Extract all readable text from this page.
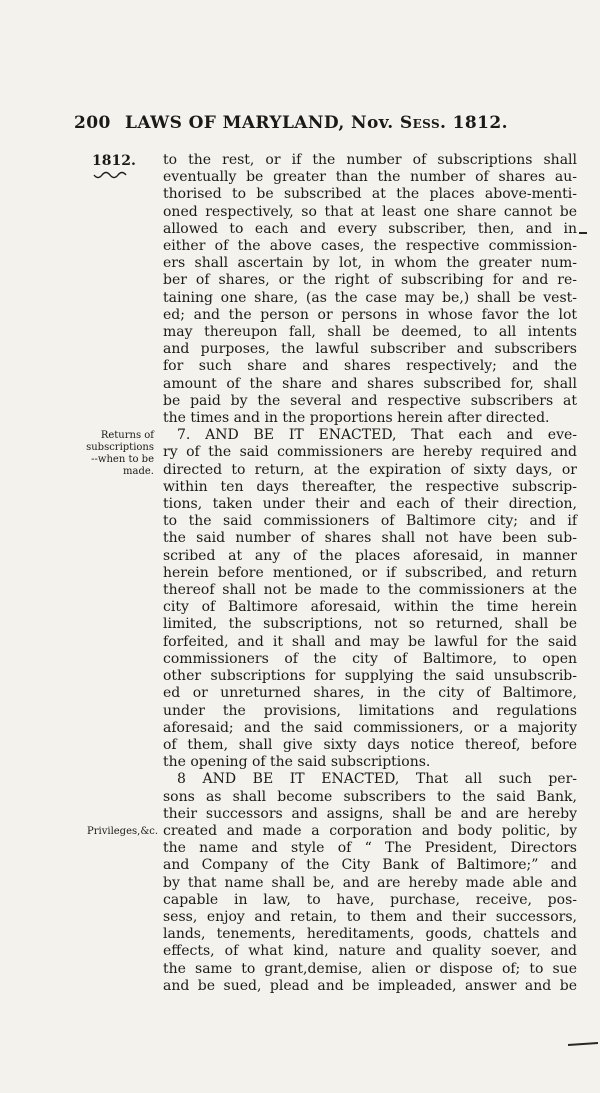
200 LAWS OF MARYLAND, Nov. Sess. 1812.
1812.
Returns of
subscriptions
--when to be
made.
Privileges,&c.
to the rest, or if the number of subscriptions shall
eventually be greater than the number of shares au-
thorised to be subscribed at the places above-menti-
oned respectively, so that at least one share cannot be
allowed to each and every subscriber, then, and in
either of the above cases, the respective commission-
ers shall ascertain by lot, in whom the greater num-
ber of shares, or the right of subscribing for and re-
taining one share, (as the case may be,) shall be vest-
ed; and the person or persons in whose favor the lot
may thereupon fall, shall be deemed, to all intents
and purposes, the lawful subscriber and subscribers
for such share and shares respectively; and the
amount of the share and shares subscribed for, shall
be paid by the several and respective subscribers at
the times and in the proportions herein after directed.
7. AND BE IT ENACTED, That each and eve-
ry of the said commissioners are hereby required and
directed to return, at the expiration of sixty days, or
within ten days thereafter, the respective subscrip-
tions, taken under their and each of their direction,
to the said commissioners of Baltimore city; and if
the said number of shares shall not have been sub-
scribed at any of the places aforesaid, in manner
herein before mentioned, or if subscribed, and return
thereof shall not be made to the commissioners at the
city of Baltimore aforesaid, within the time herein
limited, the subscriptions, not so returned, shall be
forfeited, and it shall and may be lawful for the said
commissioners of the city of Baltimore, to open
other subscriptions for supplying the said unsubscrib-
ed or unreturned shares, in the city of Baltimore,
under the provisions, limitations and regulations
aforesaid; and the said commissioners, or a majority
of them, shall give sixty days notice thereof, before
the opening of the said subscriptions.
8 AND BE IT ENACTED, That all such per-
sons as shall become subscribers to the said Bank,
their successors and assigns, shall be and are hereby
created and made a corporation and body politic, by
the name and style of “ The President, Directors
and Company of the City Bank of Baltimore;” and
by that name shall be, and are hereby made able and
capable in law, to have, purchase, receive, pos-
sess, enjoy and retain, to them and their successors,
lands, tenements, hereditaments, goods, chattels and
effects, of what kind, nature and quality soever, and
the same to grant,demise, alien or dispose of; to sue
and be sued, plead and be impleaded, answer and be
